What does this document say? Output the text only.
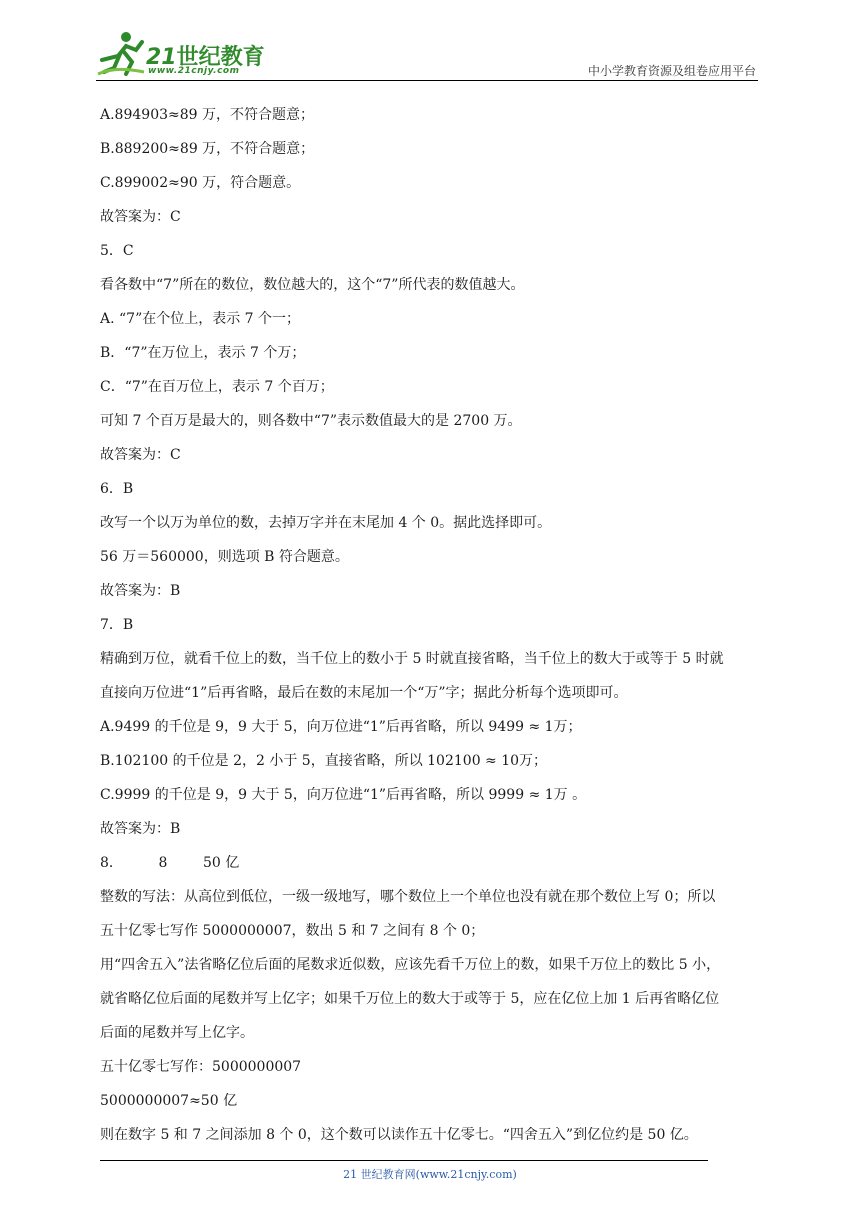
21世纪教育
www.21cnjy.com	中小学教育资源及组卷应用平台

A.894903≈89 万，不符合题意；

B.889200≈89 万，不符合题意；

C.899002≈90 万，符合题意。

故答案为：C

5．C

看各数中“7”所在的数位，数位越大的，这个“7”所代表的数值越大。

A. “7”在个位上，表示 7 个一；

B．“7”在万位上，表示 7 个万；

C．“7”在百万位上，表示 7 个百万；

可知 7 个百万是最大的，则各数中“7”表示数值最大的是 2700 万。

故答案为：C

6．B

改写一个以万为单位的数，去掉万字并在末尾加 4 个 0。据此选择即可。

56 万＝560000，则选项 B 符合题意。

故答案为：B

7．B

精确到万位，就看千位上的数，当千位上的数小于 5 时就直接省略，当千位上的数大于或等于 5 时就

直接向万位进“1”后再省略，最后在数的末尾加一个“万”字；据此分析每个选项即可。

A.9499 的千位是 9，9 大于 5，向万位进“1”后再省略，所以 9499 ≈ 1万；

B.102100 的千位是 2，2 小于 5，直接省略，所以 102100 ≈ 10万；

C.9999 的千位是 9，9 大于 5，向万位进“1”后再省略，所以 9999 ≈ 1万 。

故答案为：B

8．        8        50 亿

整数的写法：从高位到低位，一级一级地写，哪个数位上一个单位也没有就在那个数位上写 0；所以

五十亿零七写作 5000000007，数出 5 和 7 之间有 8 个 0；

用“四舍五入”法省略亿位后面的尾数求近似数，应该先看千万位上的数，如果千万位上的数比 5 小，

就省略亿位后面的尾数并写上亿字；如果千万位上的数大于或等于 5，应在亿位上加 1 后再省略亿位

后面的尾数并写上亿字。

五十亿零七写作：5000000007

5000000007≈50 亿

则在数字 5 和 7 之间添加 8 个 0，这个数可以读作五十亿零七。“四舍五入”到亿位约是 50 亿。

21 世纪教育网(www.21cnjy.com)
